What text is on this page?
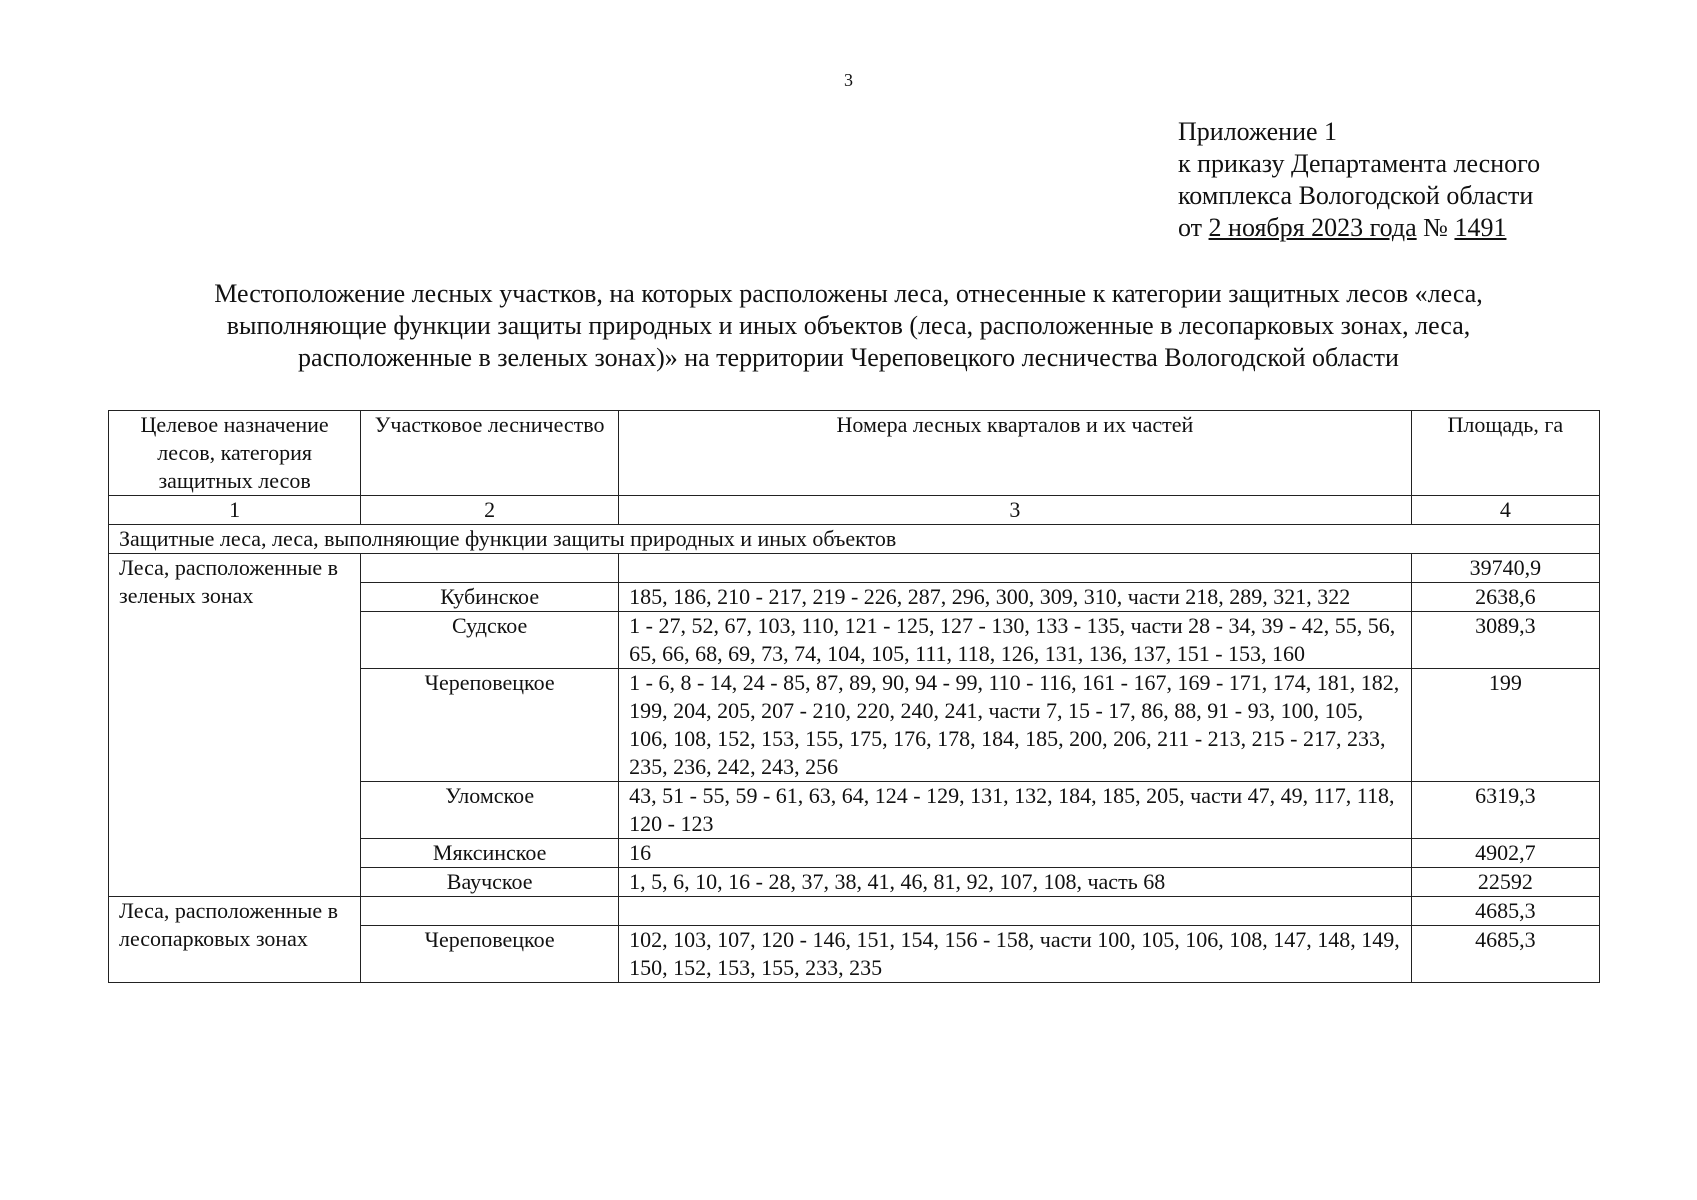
3
Приложение 1
к приказу Департамента лесного
комплекса Вологодской области
от 2 ноября 2023 года № 1491
Местоположение лесных участков, на которых расположены леса, отнесенные к категории защитных лесов «леса,
выполняющие функции защиты природных и иных объектов (леса, расположенные в лесопарковых зонах, леса,
расположенные в зеленых зонах)» на территории Череповецкого лесничества Вологодской области
Целевое назначение лесов, категория защитных лесов	Участковое лесничество	Номера лесных кварталов и их частей	Площадь, га
1	2	3	4
Защитные леса, леса, выполняющие функции защиты природных и иных объектов			
Леса, расположенные в зеленых зонах			39740,9
	Кубинское	185, 186, 210 - 217, 219 - 226, 287, 296, 300, 309, 310, части 218, 289, 321, 322	2638,6
	Судское	1 - 27, 52, 67, 103, 110, 121 - 125, 127 - 130, 133 - 135, части 28 - 34, 39 - 42, 55, 56, 65, 66, 68, 69, 73, 74, 104, 105, 111, 118, 126, 131, 136, 137, 151 - 153, 160	3089,3
	Череповецкое	1 - 6, 8 - 14, 24 - 85, 87, 89, 90, 94 - 99, 110 - 116, 161 - 167, 169 - 171, 174, 181, 182, 199, 204, 205, 207 - 210, 220, 240, 241, части 7, 15 - 17, 86, 88, 91 - 93, 100, 105, 106, 108, 152, 153, 155, 175, 176, 178, 184, 185, 200, 206, 211 - 213, 215 - 217, 233, 235, 236, 242, 243, 256	199
	Уломское	43, 51 - 55, 59 - 61, 63, 64, 124 - 129, 131, 132, 184, 185, 205, части 47, 49, 117, 118, 120 - 123	6319,3
	Мяксинское	16	4902,7
	Ваучское	1, 5, 6, 10, 16 - 28, 37, 38, 41, 46, 81, 92, 107, 108, часть 68	22592
Леса, расположенные в лесопарковых зонах			4685,3
	Череповецкое	102, 103, 107, 120 - 146, 151, 154, 156 - 158, части 100, 105, 106, 108, 147, 148, 149, 150, 152, 153, 155, 233, 235	4685,3
